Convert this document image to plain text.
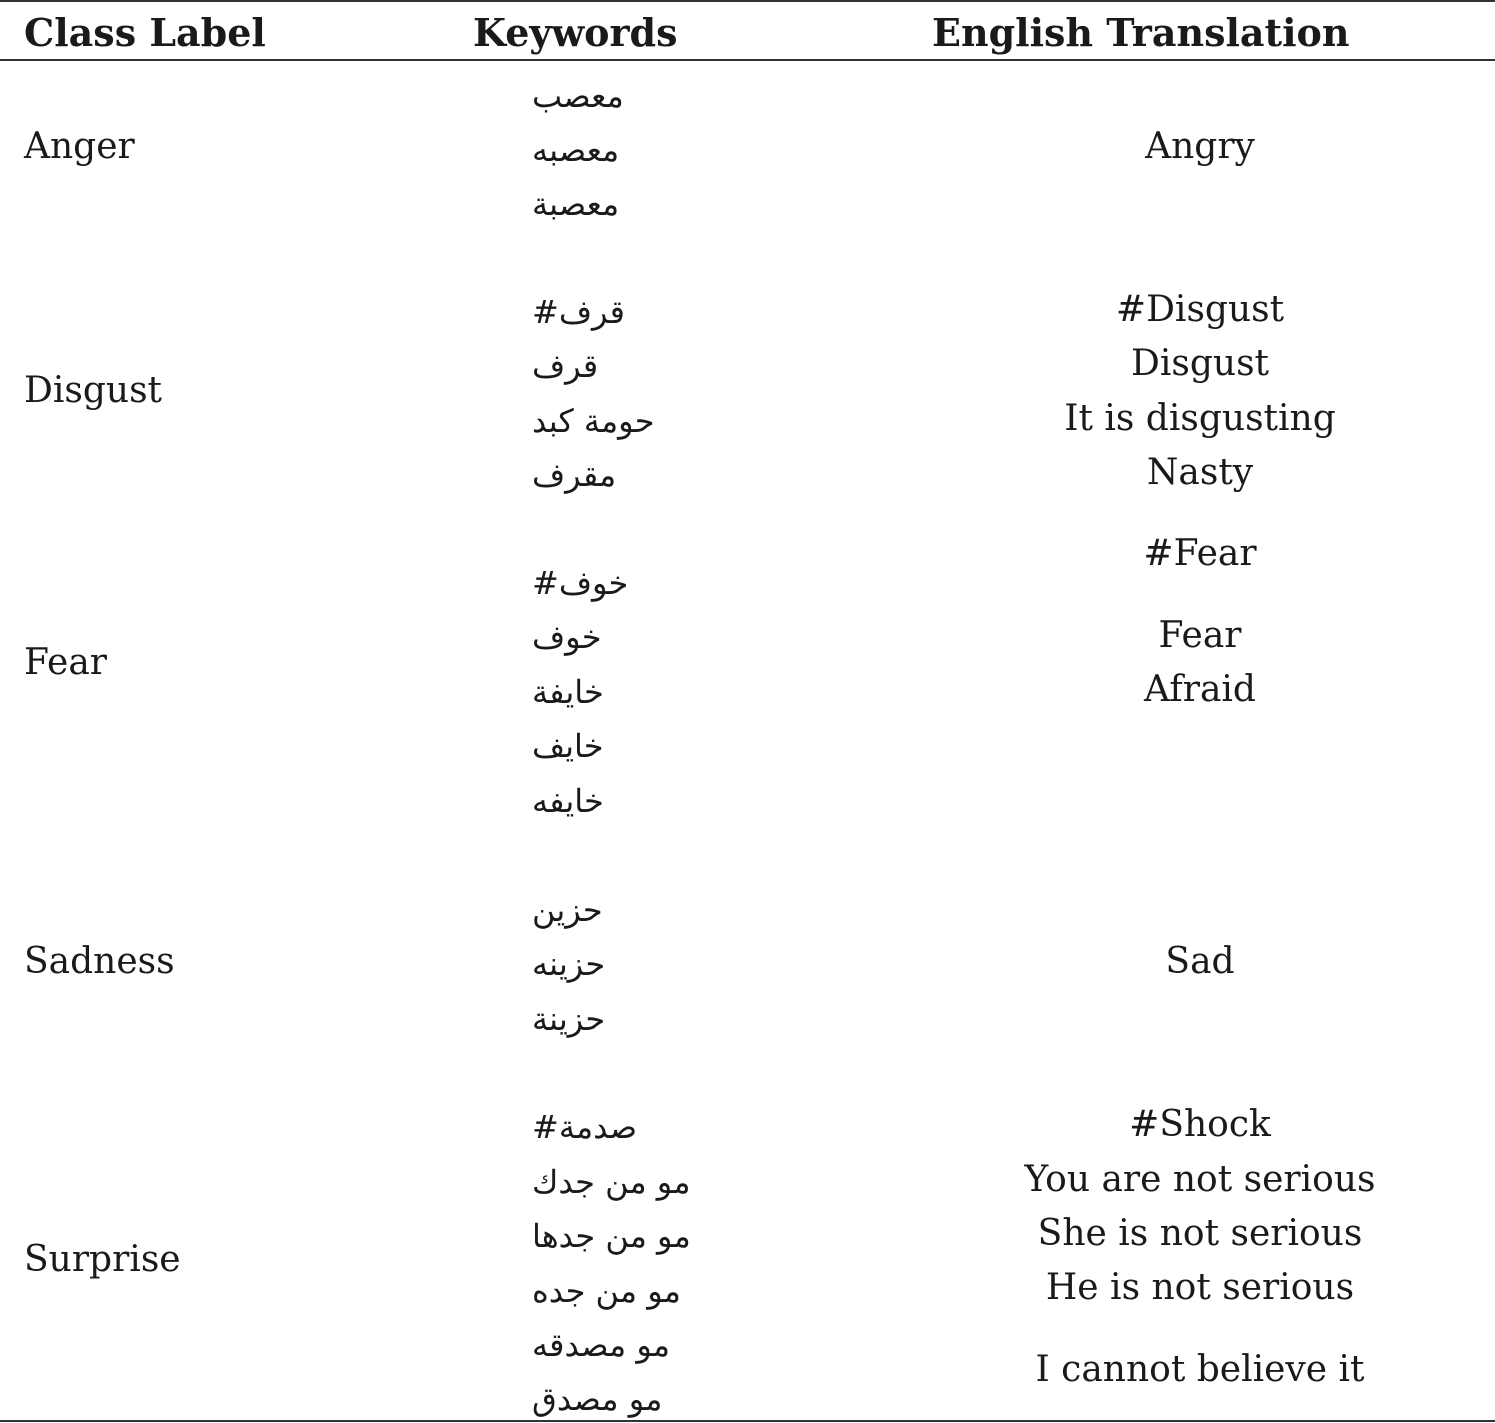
Class Label	Keywords	English Translation
Anger
معصب
معصبه
معصبة
Angry
Disgust
#قرف
قرف
حومة كبد
مقرف
#Disgust
Disgust
It is disgusting
Nasty
Fear
#خوف
خوف
خايفة
خايف
خايفه
#Fear
Fear
Afraid
Sadness
حزين
حزينه
حزينة
Sad
Surprise
#صدمة
مو من جدك
مو من جدها
مو من جده
مو مصدقه
مو مصدق
#Shock
You are not serious
She is not serious
He is not serious
I cannot believe it
